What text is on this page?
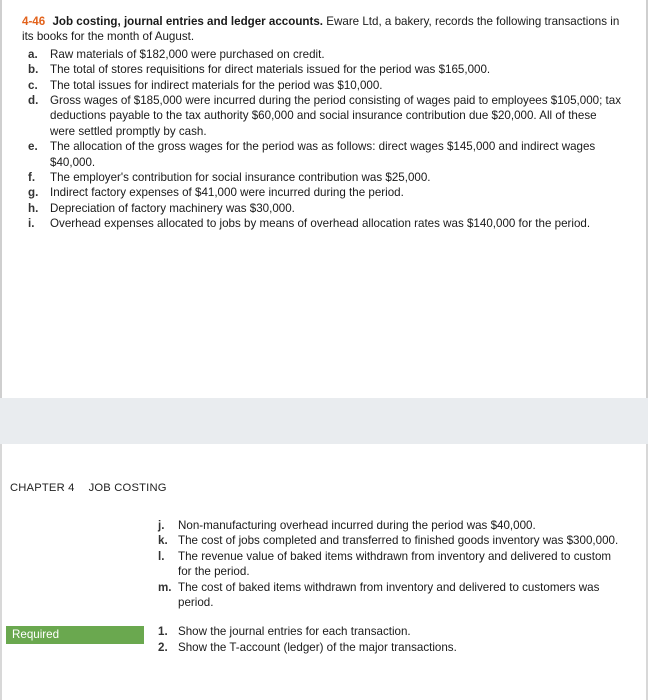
4-46 Job costing, journal entries and ledger accounts. Eware Ltd, a bakery, records the following transactions in its books for the month of August.

a.	Raw materials of $182,000 were purchased on credit.
b.	The total of stores requisitions for direct materials issued for the period was $165,000.
c.	The total issues for indirect materials for the period was $10,000.
d.	Gross wages of $185,000 were incurred during the period consisting of wages paid to employees $105,000; tax deductions payable to the tax authority $60,000 and social insurance contribution due $20,000. All of these were settled promptly by cash.
e.	The allocation of the gross wages for the period was as follows: direct wages $145,000 and indirect wages $40,000.
f.	The employer's contribution for social insurance contribution was $25,000.
g.	Indirect factory expenses of $41,000 were incurred during the period.
h.	Depreciation of factory machinery was $30,000.
i.	Overhead expenses allocated to jobs by means of overhead allocation rates was $140,000 for the period.
CHAPTER 4 JOB COSTING
j.	Non-manufacturing overhead incurred during the period was $40,000.
k. The cost of jobs completed and transferred to finished goods inventory was $300,000.
l.	The revenue value of baked items withdrawn from inventory and delivered to custom
for the period.
m. The cost of baked items withdrawn from inventory and delivered to customers was
period.
Required	1. Show the journal entries for each transaction.
2. Show the T-account (ledger) of the major transactions.
